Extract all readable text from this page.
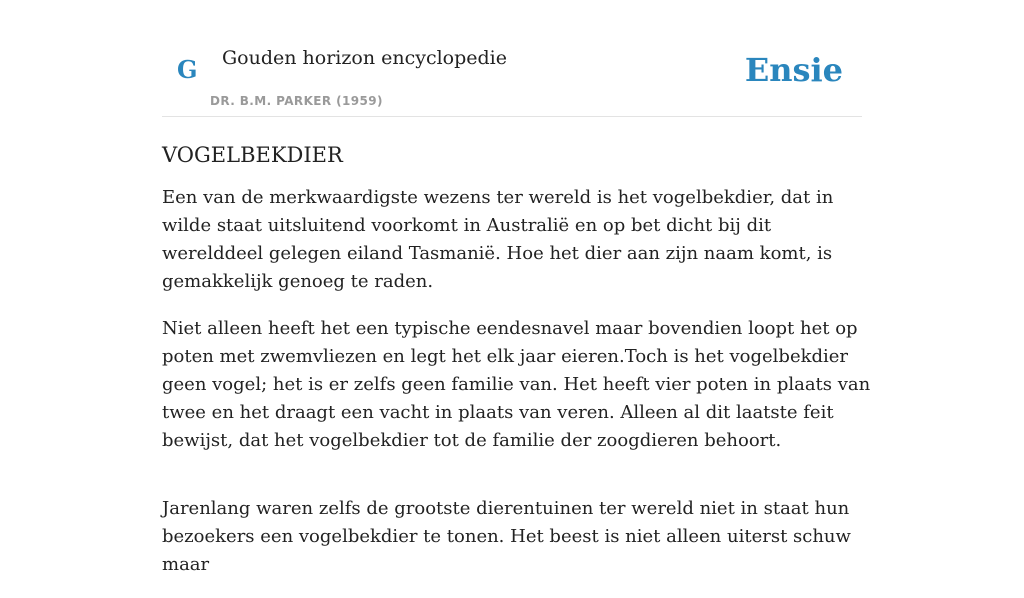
G Gouden horizon encyclopedie
DR. B.M. PARKER (1959)
Ensie
VOGELBEKDIER

Een van de merkwaardigste wezens ter wereld is het vogelbekdier, dat in wilde staat uitsluitend voorkomt in Australië en op bet dicht bij dit werelddeel gelegen eiland Tasmanië. Hoe het dier aan zijn naam komt, is gemakkelijk genoeg te raden.

Niet alleen heeft het een typische eendesnavel maar bovendien loopt het op poten met zwemvliezen en legt het elk jaar eieren.Toch is het vogelbekdier geen vogel; het is er zelfs geen familie van. Het heeft vier poten in plaats van twee en het draagt een vacht in plaats van veren. Alleen al dit laatste feit bewijst, dat het vogelbekdier tot de familie der zoogdieren behoort.

Jarenlang waren zelfs de grootste dierentuinen ter wereld niet in staat hun bezoekers een vogelbekdier te tonen. Het beest is niet alleen uiterst schuw maar
